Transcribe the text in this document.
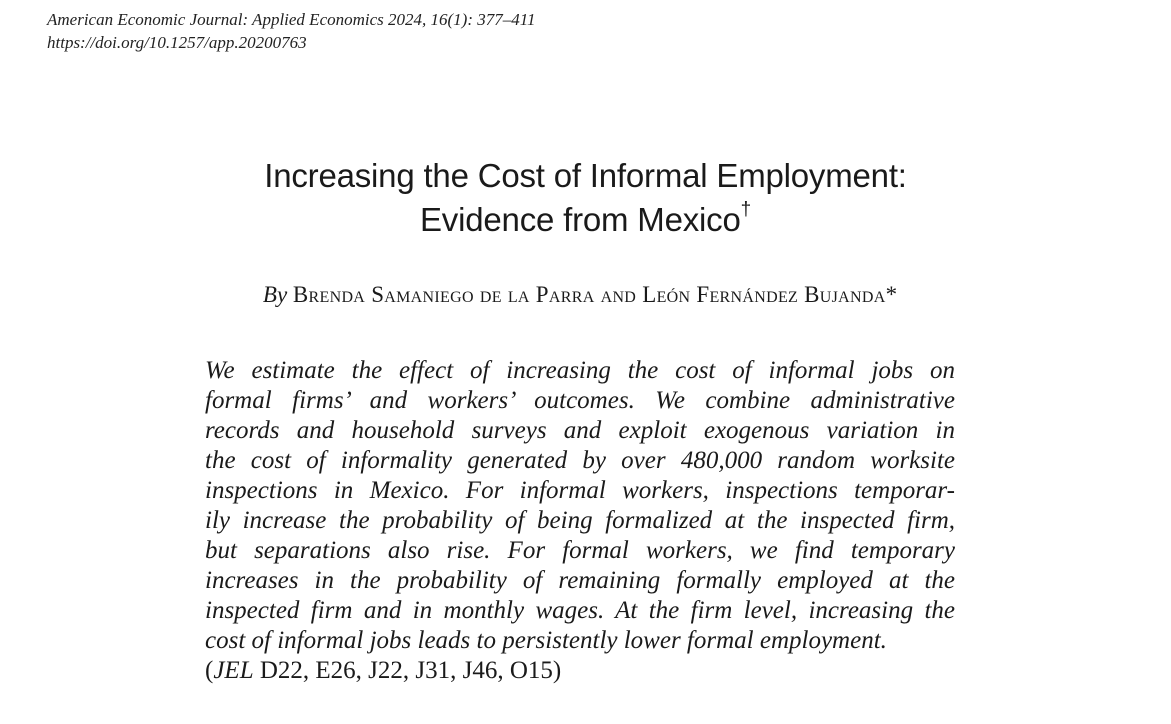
American Economic Journal: Applied Economics 2024, 16(1): 377–411
https://doi.org/10.1257/app.20200763
Increasing the Cost of Informal Employment:
Evidence from Mexico†
By Brenda Samaniego de la Parra and León Fernández Bujanda*
We estimate the effect of increasing the cost of informal jobs on
formal firms’ and workers’ outcomes. We combine administrative
records and household surveys and exploit exogenous variation in
the cost of informality generated by over 480,000 random worksite
inspections in Mexico. For informal workers, inspections temporar-
ily increase the probability of being formalized at the inspected firm,
but separations also rise. For formal workers, we find temporary
increases in the probability of remaining formally employed at the
inspected firm and in monthly wages. At the firm level, increasing the
cost of informal jobs leads to persistently lower formal employment.
(JEL D22, E26, J22, J31, J46, O15)
